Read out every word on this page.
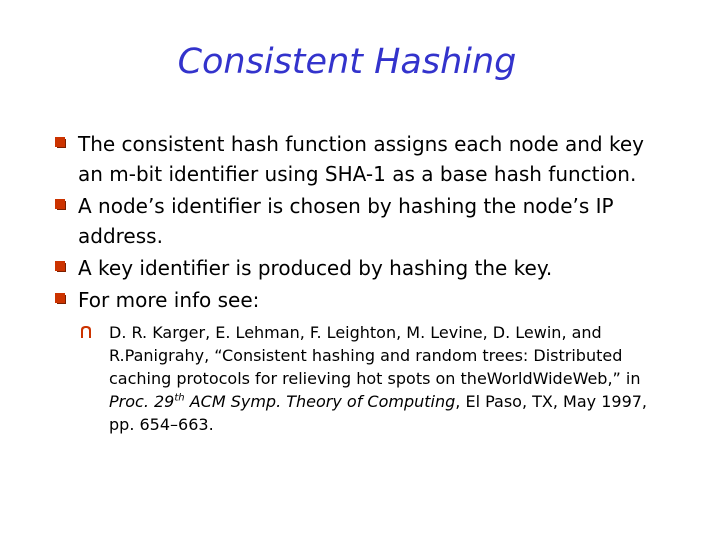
Consistent Hashing
The consistent hash function assigns each node and key an m-bit identifier using SHA-1 as a base hash function.
A node’s identifier is chosen by hashing the node’s IP address.
A key identifier is produced by hashing the key.
For more info see:
D. R. Karger, E. Lehman, F. Leighton, M. Levine, D. Lewin, and R.Panigrahy, “Consistent hashing and random trees: Distributed caching protocols for relieving hot spots on theWorldWideWeb,” in Proc. 29th ACM Symp. Theory of Computing, El Paso, TX, May 1997, pp. 654–663.
